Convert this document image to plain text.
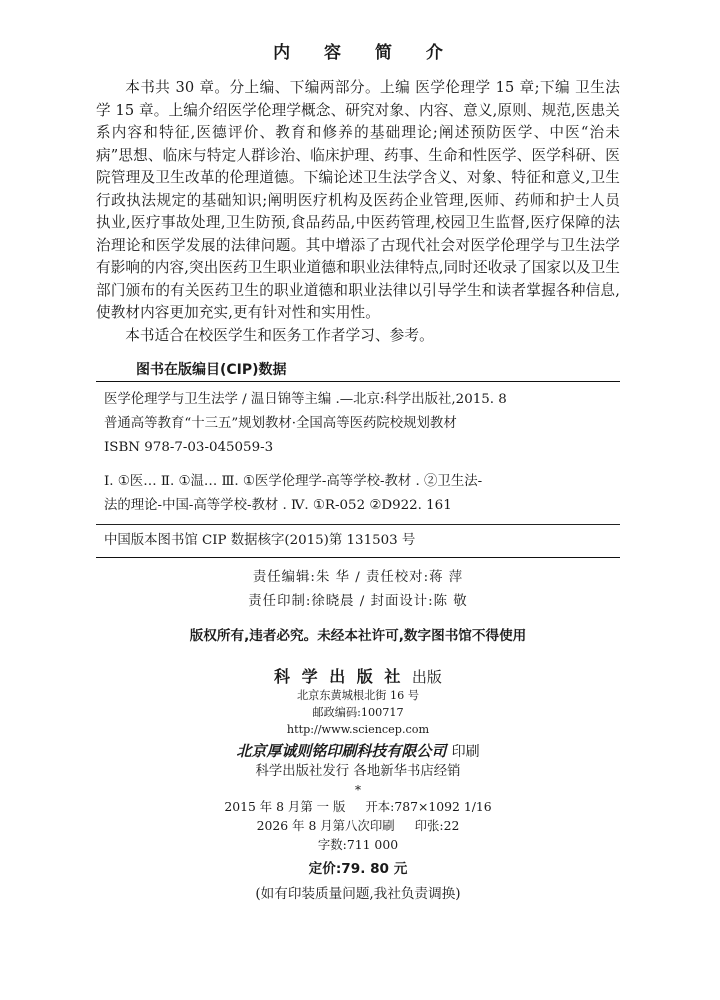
内 容 简 介

本书共 30 章。分上编、下编两部分。上编 医学伦理学 15 章;下编 卫生法学 15 章。上编介绍医学伦理学概念、研究对象、内容、意义,原则、规范,医患关系内容和特征,医德评价、教育和修养的基础理论;阐述预防医学、中医“治未病”思想、临床与特定人群诊治、临床护理、药事、生命和性医学、医学科研、医院管理及卫生改革的伦理道德。下编论述卫生法学含义、对象、特征和意义,卫生行政执法规定的基础知识;阐明医疗机构及医药企业管理,医师、药师和护士人员执业,医疗事故处理,卫生防预,食品药品,中医药管理,校园卫生监督,医疗保障的法治理论和医学发展的法律问题。其中增添了古现代社会对医学伦理学与卫生法学有影响的内容,突出医药卫生职业道德和职业法律特点,同时还收录了国家以及卫生部门颁布的有关医药卫生的职业道德和职业法律以引导学生和读者掌握各种信息,使教材内容更加充实,更有针对性和实用性。

本书适合在校医学生和医务工作者学习、参考。

图书在版编目(CIP)数据
医学伦理学与卫生法学 / 温日锦等主编 .—北京:科学出版社,2015. 8
普通高等教育“十三五”规划教材·全国高等医药院校规划教材
ISBN 978-7-03-045059-3
Ⅰ. ①医… Ⅱ. ①温… Ⅲ. ①医学伦理学-高等学校-教材 . ②卫生法-
法的理论-中国-高等学校-教材 . Ⅳ. ①R-052 ②D922. 161
中国版本图书馆 CIP 数据核字(2015)第 131503 号
责任编辑:朱 华 / 责任校对:蒋 萍
责任印制:徐晓晨 / 封面设计:陈 敬
版权所有,违者必究。未经本社许可,数字图书馆不得使用
科 学 出 版 社 出版
北京东黄城根北街 16 号
邮政编码:100717
http://www.sciencep.com
北京厚诚则铭印刷科技有限公司 印刷
科学出版社发行 各地新华书店经销
*
2015 年 8 月第 一 版 开本:787×1092 1/16
2026 年 8 月第八次印刷 印张:22
字数:711 000
定价:79. 80 元
(如有印装质量问题,我社负责调换)
